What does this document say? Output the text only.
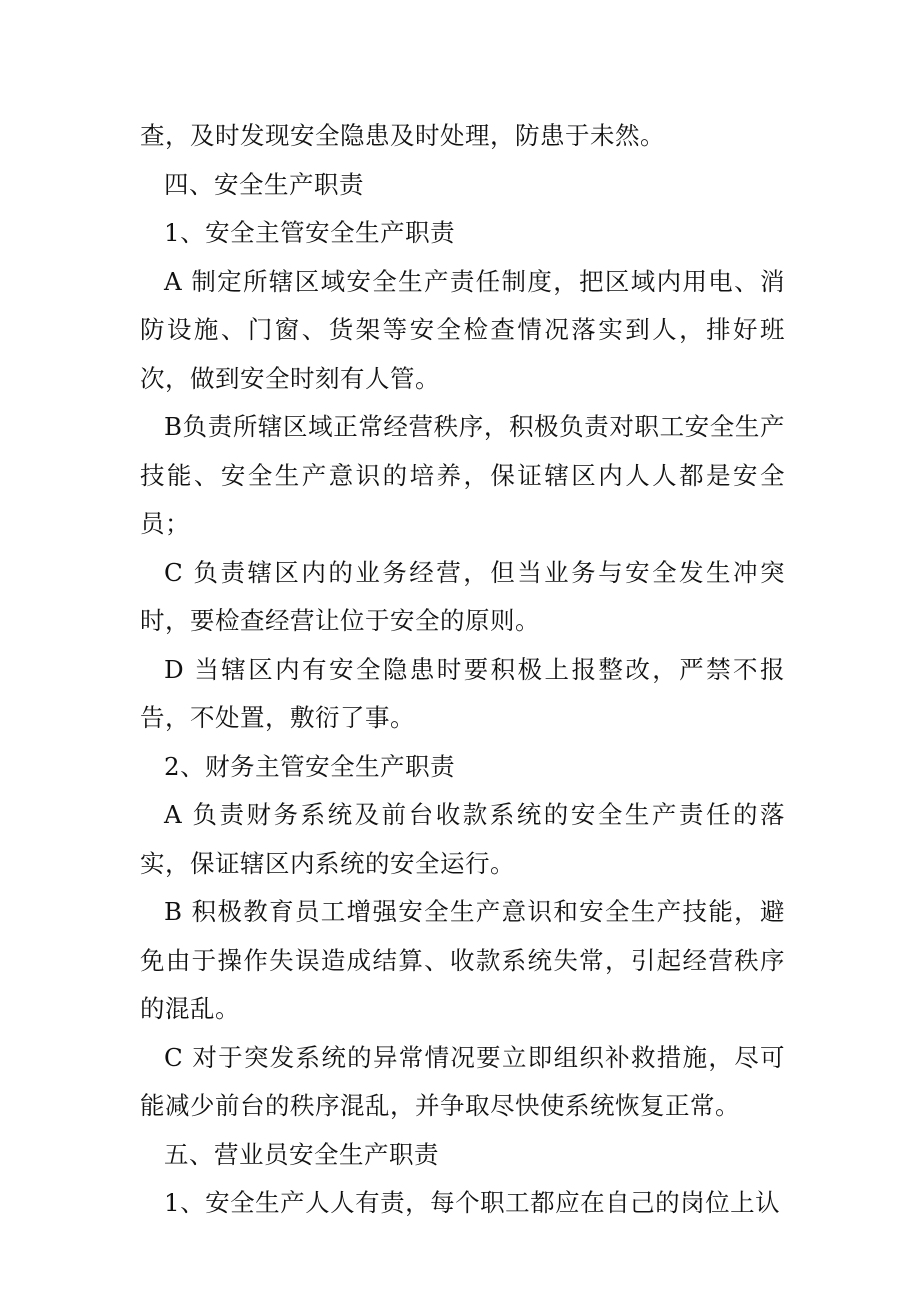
查，及时发现安全隐患及时处理，防患于未然。

四、安全生产职责

1、安全主管安全生产职责

A 制定所辖区域安全生产责任制度，把区域内用电、消防设施、门窗、货架等安全检查情况落实到人，排好班次，做到安全时刻有人管。

B负责所辖区域正常经营秩序，积极负责对职工安全生产技能、安全生产意识的培养，保证辖区内人人都是安全员；

C 负责辖区内的业务经营，但当业务与安全发生冲突时，要检查经营让位于安全的原则。

D 当辖区内有安全隐患时要积极上报整改，严禁不报告，不处置，敷衍了事。

2、财务主管安全生产职责

A 负责财务系统及前台收款系统的安全生产责任的落实，保证辖区内系统的安全运行。

B 积极教育员工增强安全生产意识和安全生产技能，避免由于操作失误造成结算、收款系统失常，引起经营秩序的混乱。

C 对于突发系统的异常情况要立即组织补救措施，尽可能减少前台的秩序混乱，并争取尽快使系统恢复正常。

五、营业员安全生产职责

1、安全生产人人有责，每个职工都应在自己的岗位上认
